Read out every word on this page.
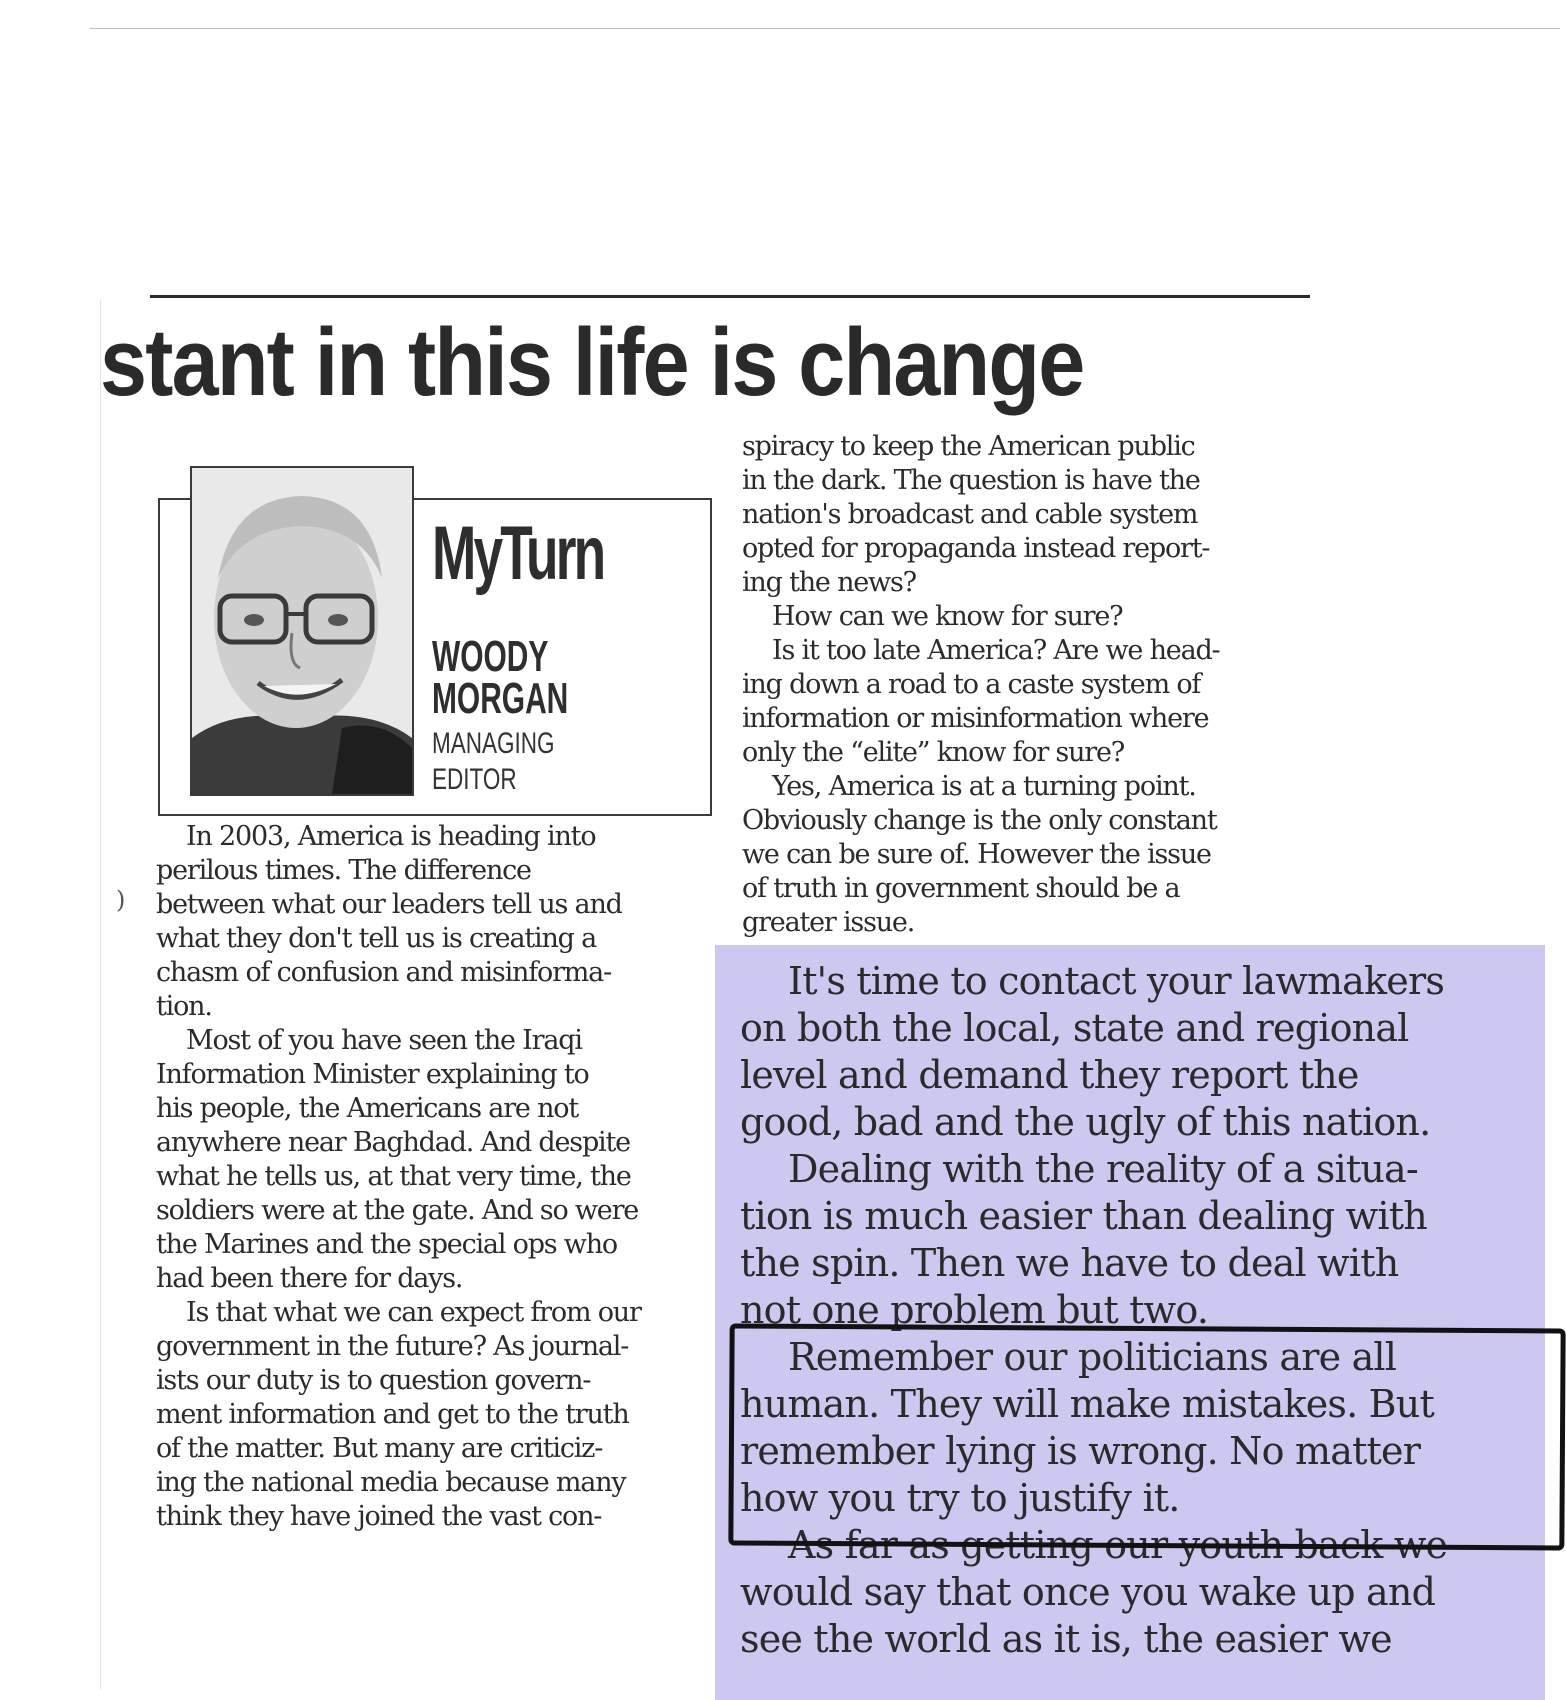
stant in this life is change
MyTurn
WOODY
MORGAN
MANAGING
EDITOR
)
In 2003, America is heading into
perilous times. The difference
between what our leaders tell us and
what they don't tell us is creating a
chasm of confusion and misinforma-
tion.
Most of you have seen the Iraqi
Information Minister explaining to
his people, the Americans are not
anywhere near Baghdad. And despite
what he tells us, at that very time, the
soldiers were at the gate. And so were
the Marines and the special ops who
had been there for days.
Is that what we can expect from our
government in the future? As journal-
ists our duty is to question govern-
ment information and get to the truth
of the matter. But many are criticiz-
ing the national media because many
think they have joined the vast con-
spiracy to keep the American public
in the dark. The question is have the
nation's broadcast and cable system
opted for propaganda instead report-
ing the news?
How can we know for sure?
Is it too late America? Are we head-
ing down a road to a caste system of
information or misinformation where
only the “elite” know for sure?
Yes, America is at a turning point.
Obviously change is the only constant
we can be sure of. However the issue
of truth in government should be a
greater issue.
It's time to contact your lawmakers
on both the local, state and regional
level and demand they report the
good, bad and the ugly of this nation.
Dealing with the reality of a situa-
tion is much easier than dealing with
the spin. Then we have to deal with
not one problem but two.
Remember our politicians are all
human. They will make mistakes. But
remember lying is wrong. No matter
how you try to justify it.
As far as getting our youth back we
would say that once you wake up and
see the world as it is, the easier we
